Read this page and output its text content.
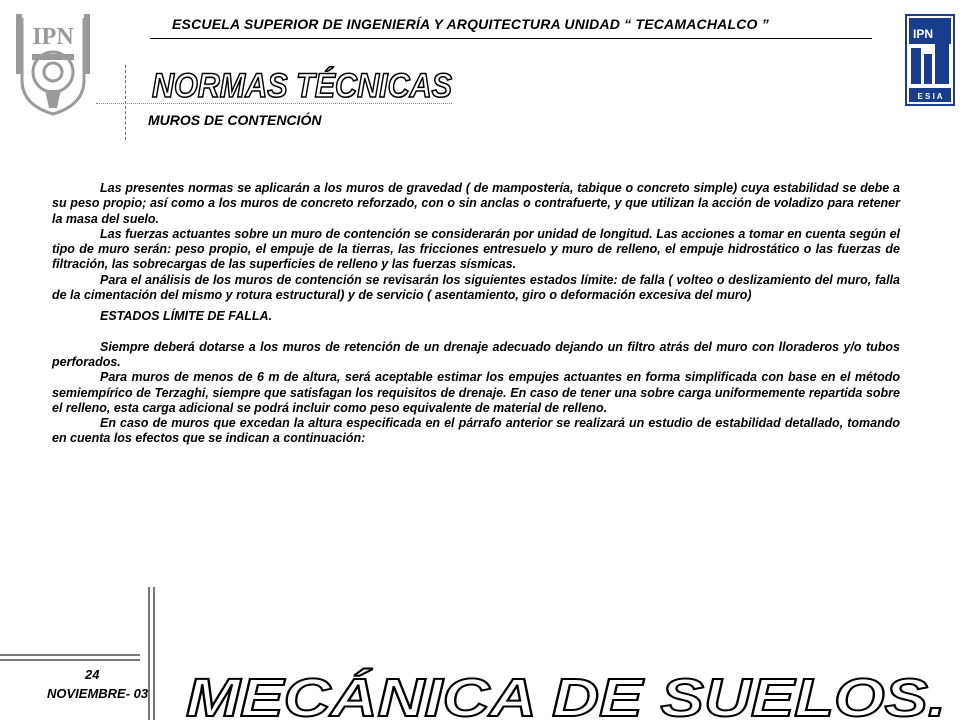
IPN	ESCUELA SUPERIOR DE INGENIERÍA Y ARQUITECTURA UNIDAD “ TECAMACHALCO ”
IPN
E S I A
NORMAS TÉCNICAS
MUROS DE CONTENCIÓN

Las presentes normas se aplicarán a los muros de gravedad ( de mampostería, tabique o concreto simple) cuya estabilidad se debe a su peso propio; así como a los muros de concreto reforzado, con o sin anclas o contrafuerte, y que utilizan la acción de voladizo para retener la masa del suelo.

Las fuerzas actuantes sobre un muro de contención se considerarán por unidad de longitud. Las acciones a tomar en cuenta según el tipo de muro serán: peso propio, el empuje de la tierras, las fricciones entresuelo y muro de relleno, el empuje hidrostático o las fuerzas de filtración, las sobrecargas de las superficies de relleno y las fuerzas sísmicas.

Para el análisis de los muros de contención se revisarán los siguientes estados límite: de falla ( volteo o deslizamiento del muro, falla de la cimentación del mismo y rotura estructural) y de servicio ( asentamiento, giro o deformación excesiva del muro)

ESTADOS LÍMITE DE FALLA.

Siempre deberá dotarse a los muros de retención de un drenaje adecuado dejando un filtro atrás del muro con lloraderos y/o tubos perforados.

Para muros de menos de 6 m de altura, será aceptable estimar los empujes actuantes en forma simplificada con base en el método semiempírico de Terzaghi, siempre que satisfagan los requisitos de drenaje. En caso de tener una sobre carga uniformemente repartida sobre el relleno, esta carga adicional se podrá incluir como peso equivalente de material de relleno.

En caso de muros que excedan la altura especificada en el párrafo anterior se realizará un estudio de estabilidad detallado, tomando en cuenta los efectos que se indican a continuación:

24
NOVIEMBRE- 03 MECÁNICA DE SUELOS.
